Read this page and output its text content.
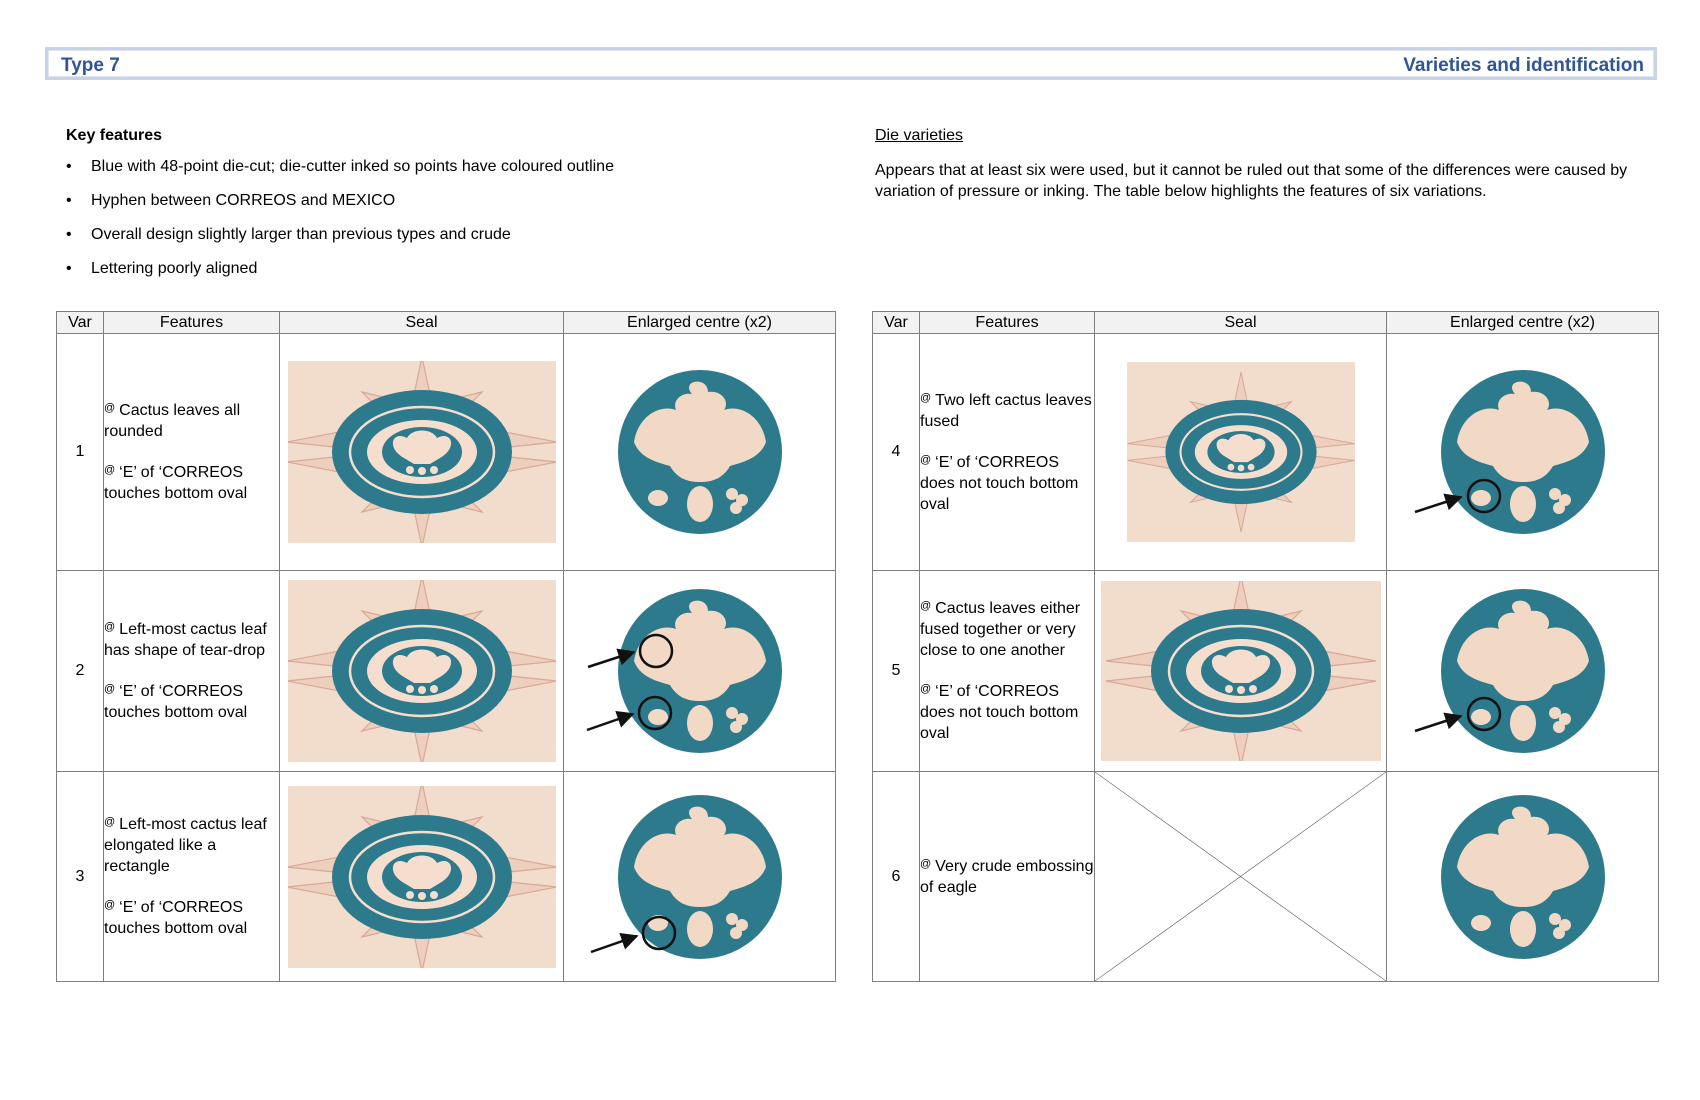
Type 7	Varieties and identification
Key features
• Blue with 48-point die-cut; die-cutter inked so points have coloured outline
• Hyphen between CORREOS and MEXICO
• Overall design slightly larger than previous types and crude
• Lettering poorly aligned
Die varieties
Appears that at least six were used, but it cannot be ruled out that some of the differences were caused by variation of pressure or inking. The table below highlights the features of six variations.
Var	Features	Seal	Enlarged centre (x2)
1	@ Cactus leaves all rounded

@ ‘E’ of ‘CORREOS touches bottom oval

2	@ Left-most cactus leaf has shape of tear-drop

@ ‘E’ of ‘CORREOS touches bottom oval

3	@ Left-most cactus leaf elongated like a rectangle

@ ‘E’ of ‘CORREOS touches bottom oval

Var	Features	Seal	Enlarged centre (x2)
4	@ Two left cactus leaves fused

@ ‘E’ of ‘CORREOS does not touch bottom oval

5	@ Cactus leaves either fused together or very close to one another

@ ‘E’ of ‘CORREOS does not touch bottom oval

6	@ Very crude embossing of eagle
